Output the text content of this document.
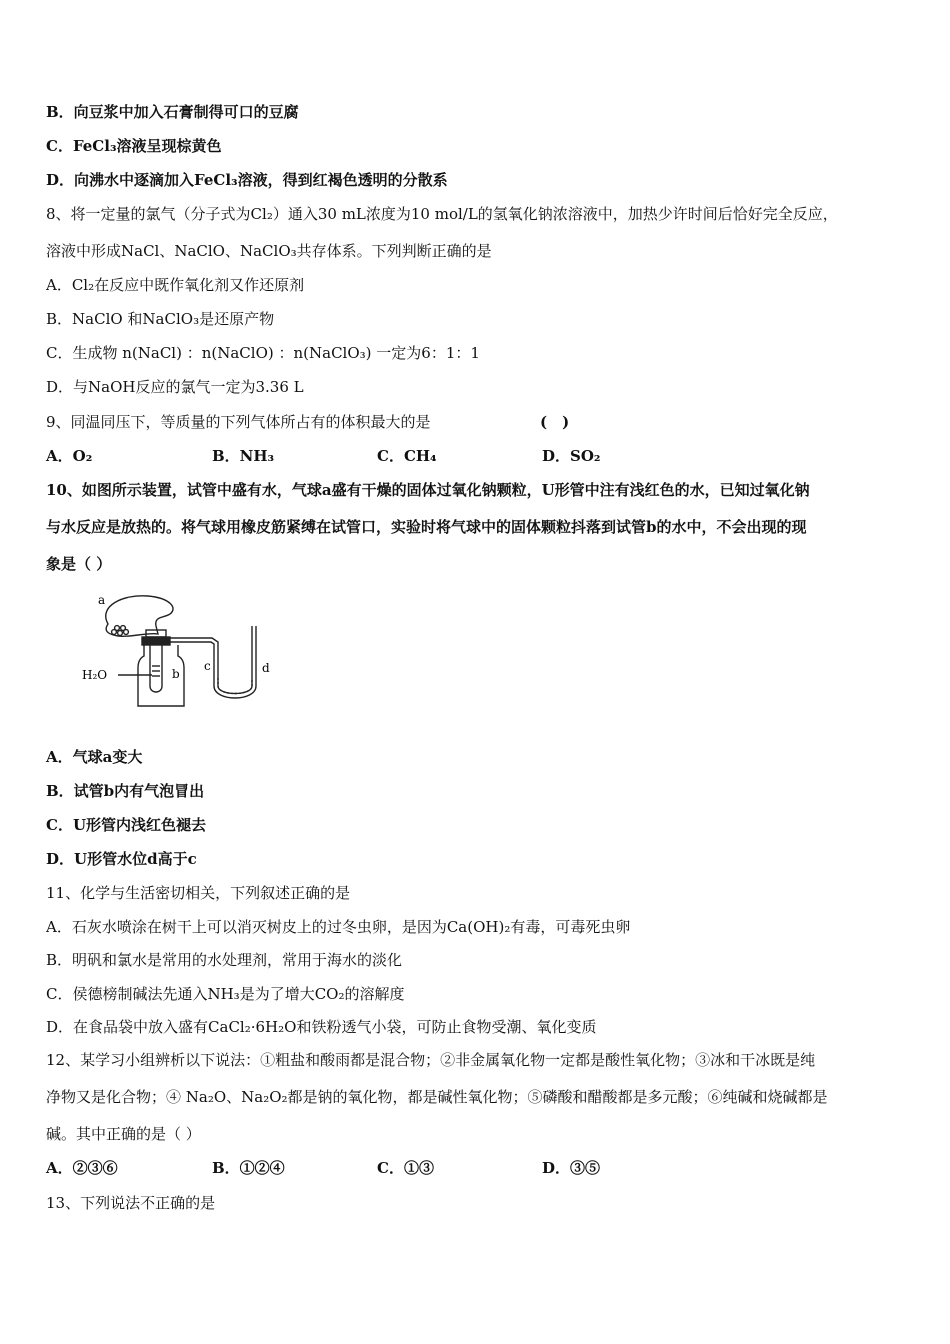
B．向豆浆中加入石膏制得可口的豆腐
C．FeCl₃溶液呈现棕黄色
D．向沸水中逐滴加入FeCl₃溶液，得到红褐色透明的分散系
8、将一定量的氯气（分子式为Cl₂）通入30 mL浓度为10 mol/L的氢氧化钠浓溶液中，加热少许时间后恰好完全反应，
溶液中形成NaCl、NaClO、NaClO₃共存体系。下列判断正确的是
A．Cl₂在反应中既作氧化剂又作还原剂
B．NaClO 和NaClO₃是还原产物
C．生成物 n(NaCl) ：n(NaClO) ：n(NaClO₃) 一定为6：1：1
D．与NaOH反应的氯气一定为3.36 L
9、同温同压下，等质量的下列气体所占有的体积最大的是	(　)
A．O₂	B．NH₃	C．CH₄	D．SO₂
10、如图所示装置，试管中盛有水，气球a盛有干燥的固体过氧化钠颗粒，U形管中注有浅红色的水，已知过氧化钠
与水反应是放热的。将气球用橡皮筋紧缚在试管口，实验时将气球中的固体颗粒抖落到试管b的水中，不会出现的现
象是（ ）
a
H₂O	b
c	d
A．气球a变大
B．试管b内有气泡冒出
C．U形管内浅红色褪去
D．U形管水位d高于c
11、化学与生活密切相关，下列叙述正确的是
A．石灰水喷涂在树干上可以消灭树皮上的过冬虫卵，是因为Ca(OH)₂有毒，可毒死虫卵
B．明矾和氯水是常用的水处理剂，常用于海水的淡化
C．侯德榜制碱法先通入NH₃是为了增大CO₂的溶解度
D．在食品袋中放入盛有CaCl₂·6H₂O和铁粉透气小袋，可防止食物受潮、氧化变质
12、某学习小组辨析以下说法：①粗盐和酸雨都是混合物；②非金属氧化物一定都是酸性氧化物；③冰和干冰既是纯
净物又是化合物；④ Na₂O、Na₂O₂都是钠的氧化物，都是碱性氧化物；⑤磷酸和醋酸都是多元酸；⑥纯碱和烧碱都是
碱。其中正确的是（ ）
A．②③⑥	B．①②④	C．①③	D．③⑤
13、下列说法不正确的是
